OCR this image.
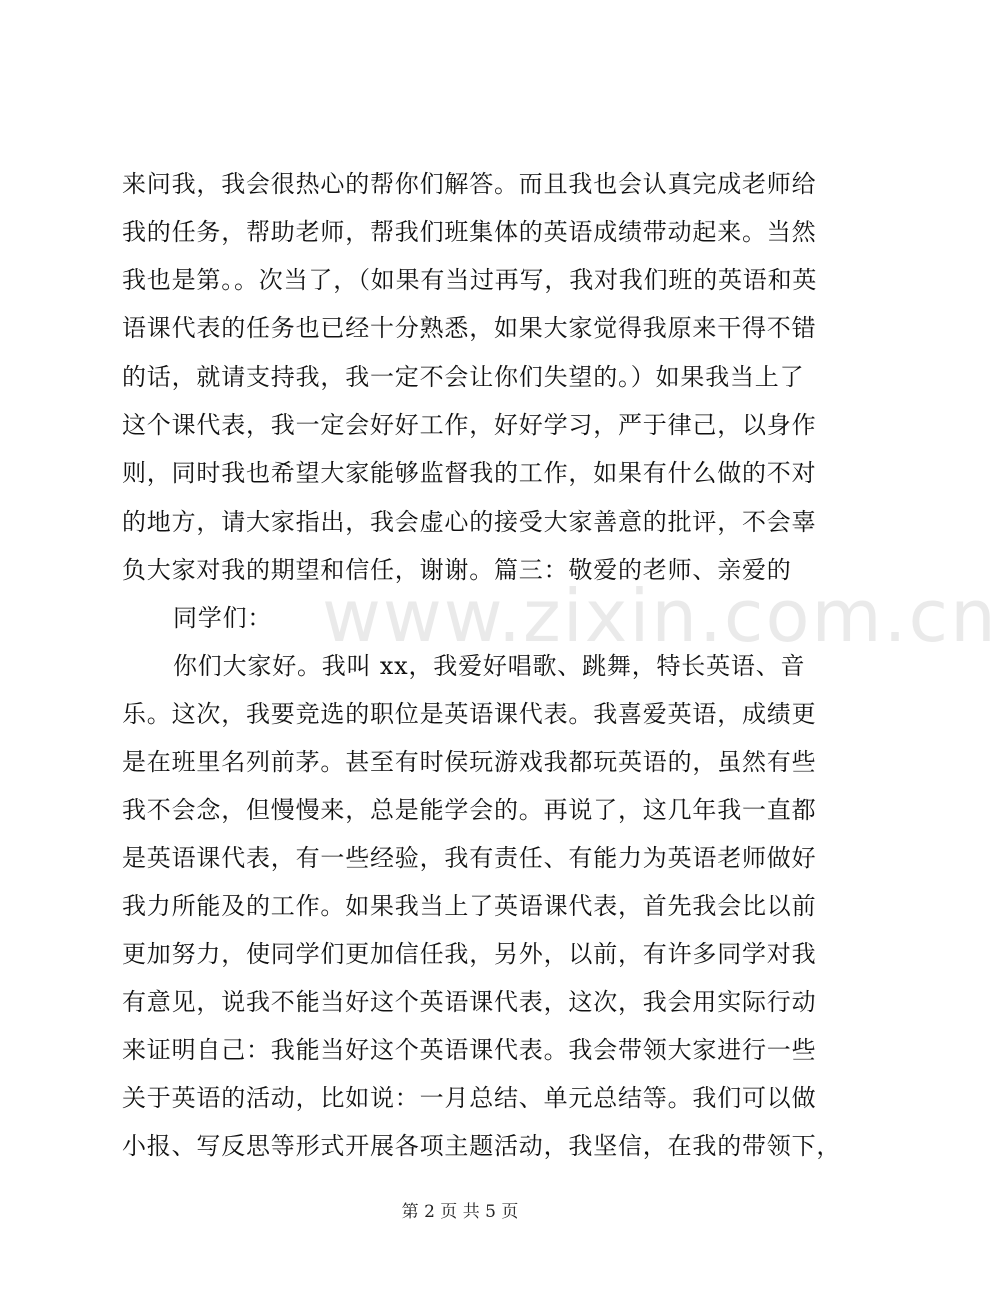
www.zixin.com.cn
来问我，我会很热心的帮你们解答。而且我也会认真完成老师给
我的任务，帮助老师，帮我们班集体的英语成绩带动起来。当然
我也是第。。次当了，（如果有当过再写，我对我们班的英语和英
语课代表的任务也已经十分熟悉，如果大家觉得我原来干得不错
的话，就请支持我，我一定不会让你们失望的。）如果我当上了
这个课代表，我一定会好好工作，好好学习，严于律己，以身作
则，同时我也希望大家能够监督我的工作，如果有什么做的不对
的地方，请大家指出，我会虚心的接受大家善意的批评，不会辜
负大家对我的期望和信任，谢谢。篇三：敬爱的老师、亲爱的
同学们：
你们大家好。我叫 xx，我爱好唱歌、跳舞，特长英语、音
乐。这次，我要竞选的职位是英语课代表。我喜爱英语，成绩更
是在班里名列前茅。甚至有时侯玩游戏我都玩英语的，虽然有些
我不会念，但慢慢来，总是能学会的。再说了，这几年我一直都
是英语课代表，有一些经验，我有责任、有能力为英语老师做好
我力所能及的工作。如果我当上了英语课代表，首先我会比以前
更加努力，使同学们更加信任我，另外，以前，有许多同学对我
有意见，说我不能当好这个英语课代表，这次，我会用实际行动
来证明自己：我能当好这个英语课代表。我会带领大家进行一些
关于英语的活动，比如说：一月总结、单元总结等。我们可以做
小报、写反思等形式开展各项主题活动，我坚信，在我的带领下，
第 2 页 共 5 页
